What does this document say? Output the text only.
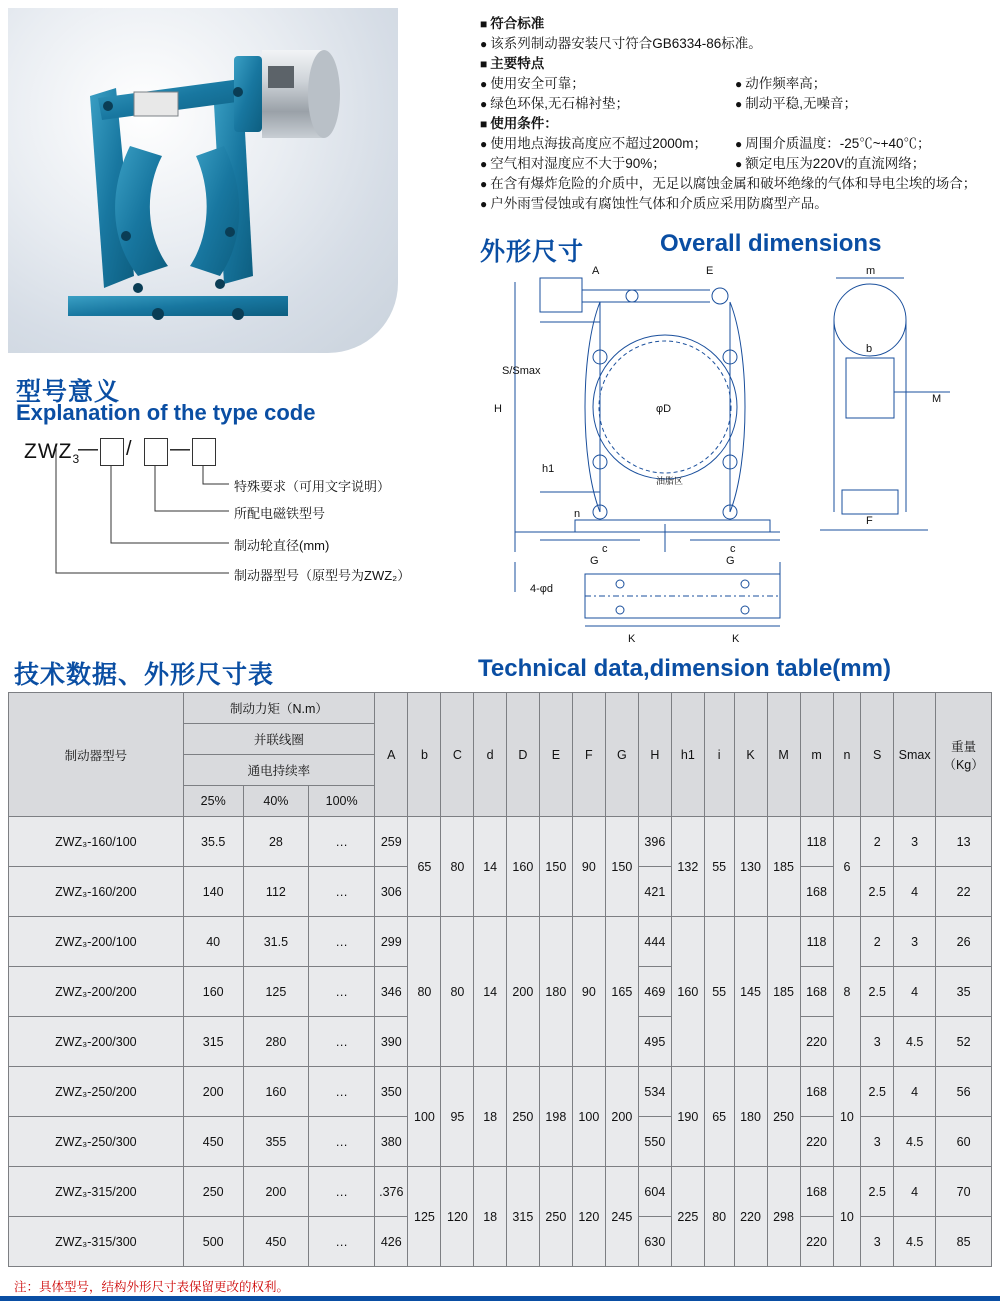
■ 符合标准
● 该系列制动器安装尺寸符合GB6334-86标准。
■ 主要特点
● 使用安全可靠；	● 动作频率高；
● 绿色环保,无石棉衬垫；	● 制动平稳,无噪音；
■ 使用条件：
● 使用地点海拔高度应不超过2000m；	● 周围介质温度：-25℃~+40℃；
● 空气相对湿度应不大于90%；	● 额定电压为220V的直流网络；
● 在含有爆炸危险的介质中，无足以腐蚀金属和破坏绝缘的气体和导电尘埃的场合；
● 户外雨雪侵蚀或有腐蚀性气体和介质应采用防腐型产品。
型号意义
Explanation of the type code
$ZWZ_3$
— / —
特殊要求（可用文字说明）
所配电磁铁型号
制动轮直径(mm)
制动器型号（原型号为ZWZ₂）
外形尺寸	Overall dimensions
A	E	m
S/Smax
H	φD
b
h1
M
n
c	c
G	G
F
4-φd
K	K
油脂区
技术数据、外形尺寸表	Technical data,dimension table(mm)
制动器型号	制动力矩（N.m）			A	b	C	d	D	E	F	G	H	h1	i	K	M	m	n	S	Smax	重量
（Kg）

	并联线圈																				
	通电持续率																				
	25%	40%	100%																		
ZWZ₃-160/100	35.5	28	…	259	65	80	14	160	150	90	150	396	132	55	130	185	118	6	2	3	13
ZWZ₃-160/200	140	112	…	306								421					168		2.5	4	22
ZWZ₃-200/100	40	31.5	…	299	80	80	14	200	180	90	165	444	160	55	145	185	118	8	2	3	26
ZWZ₃-200/200	160	125	…	346								469					168		2.5	4	35
ZWZ₃-200/300	315	280	…	390								495					220		3	4.5	52
ZWZ₃-250/200	200	160	…	350	100	95	18	250	198	100	200	534	190	65	180	250	168	10	2.5	4	56
ZWZ₃-250/300	450	355	…	380								550					220		3	4.5	60
ZWZ₃-315/200	250	200	…	.376	125	120	18	315	250	120	245	604	225	80	220	298	168	10	2.5	4	70
ZWZ₃-315/300	500	450	…	426								630					220		3	4.5	85
注：具体型号，结构外形尺寸表保留更改的权利。
